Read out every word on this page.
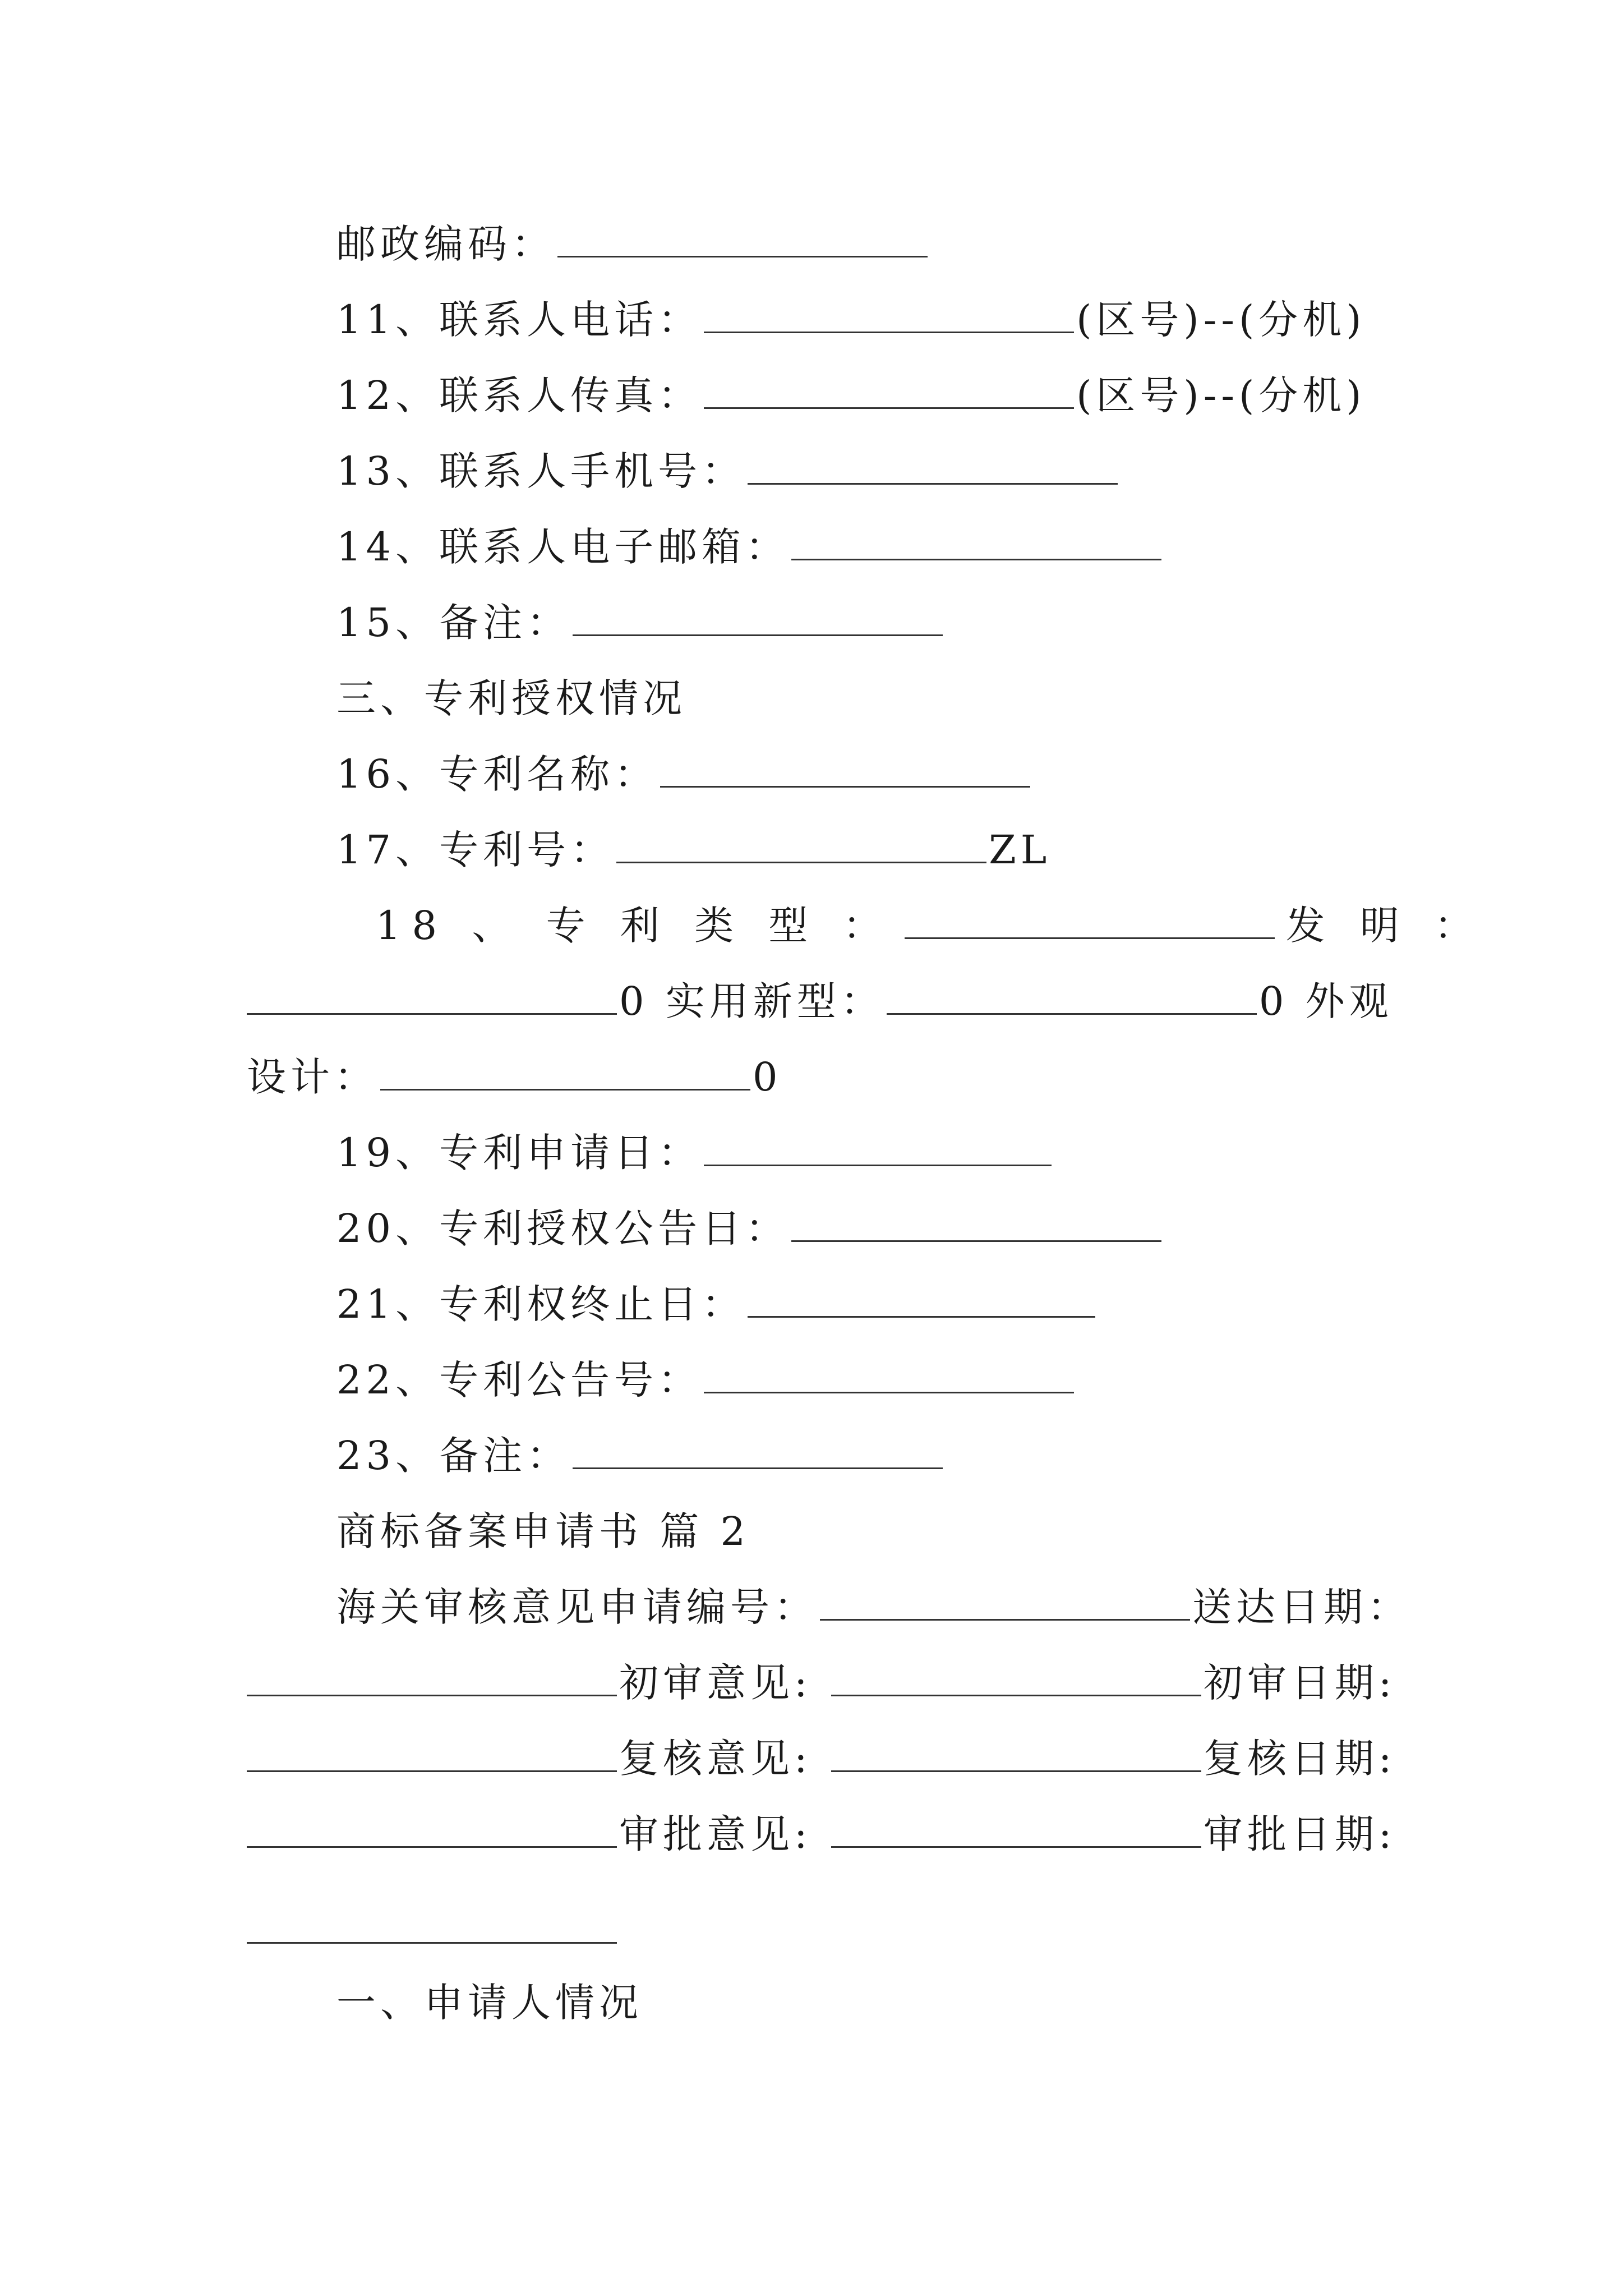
邮政编码：
11、联系人电话：	(区号)--(分机)
12、联系人传真：	(区号)--(分机)
13、联系人手机号：
14、联系人电子邮箱：
15、备注：
三、专利授权情况
16、专利名称：
17、专利号：	ZL
18 、 专 利 类 型 ：	发 明 ：
0 实用新型：	0 外观
设计：	0
19、专利申请日：
20、专利授权公告日：
21、专利权终止日：
22、专利公告号：
23、备注：
商标备案申请书 篇 2
海关审核意见申请编号：	送达日期：
初审意见:	初审日期:
复核意见:	复核日期:
审批意见:	审批日期:
一、申请人情况
